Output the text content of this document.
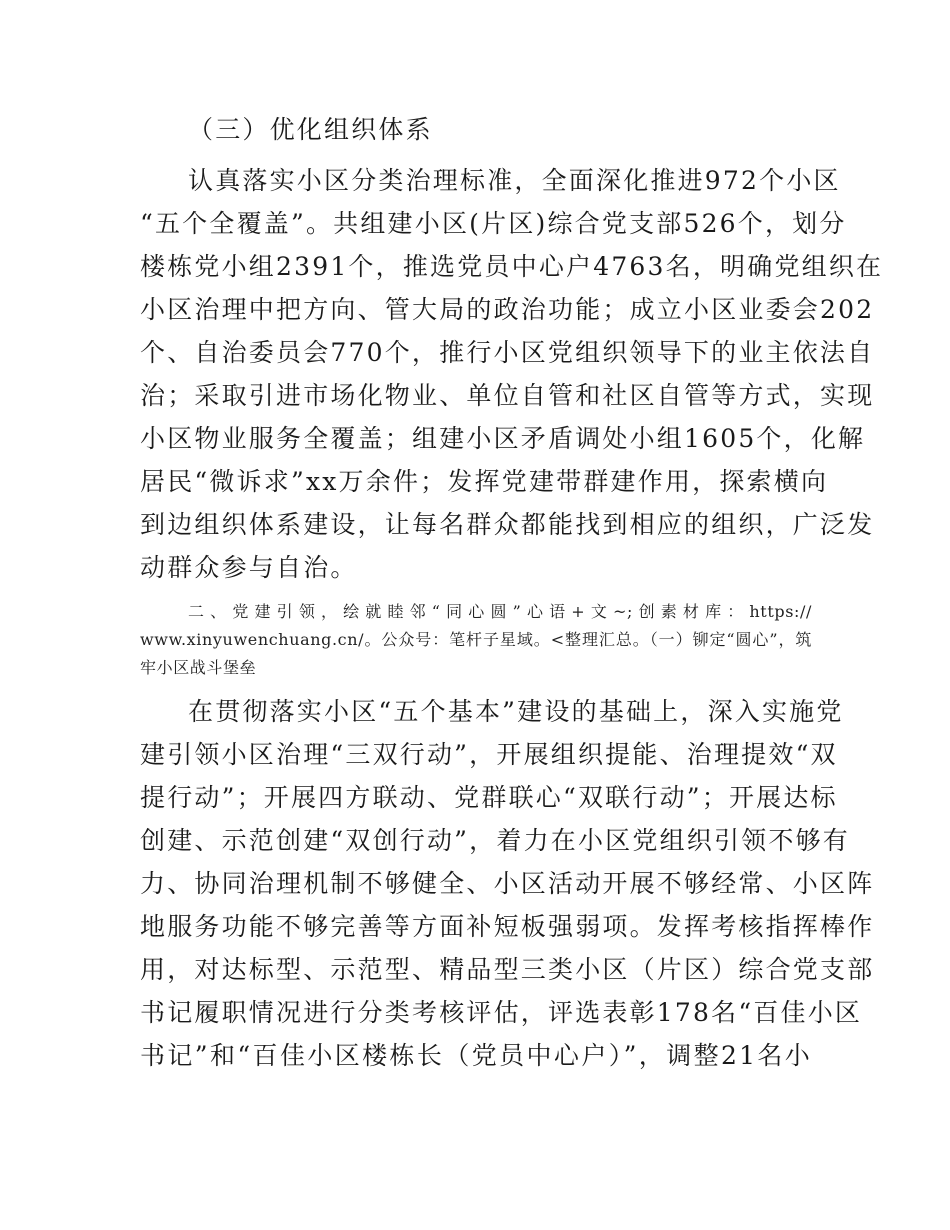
（三）优化组织体系
认真落实小区分类治理标准，全面深化推进972个小区
“五个全覆盖”。共组建小区(片区)综合党支部526个，划分
楼栋党小组2391个，推选党员中心户4763名，明确党组织在
小区治理中把方向、管大局的政治功能；成立小区业委会202
个、自治委员会770个，推行小区党组织领导下的业主依法自
治；采取引进市场化物业、单位自管和社区自管等方式，实现
小区物业服务全覆盖；组建小区矛盾调处小组1605个，化解
居民“微诉求”xx万余件；发挥党建带群建作用，探索横向
到边组织体系建设，让每名群众都能找到相应的组织，广泛发
动群众参与自治。
二、党建引领，绘就睦邻“同心圆”心语+文~;创素材库：https://
www.xinyuwenchuang.cn/。公众号：笔杆子星域。<整理汇总。（一）铆定“圆心”，筑
牢小区战斗堡垒
在贯彻落实小区“五个基本”建设的基础上，深入实施党
建引领小区治理“三双行动”，开展组织提能、治理提效“双
提行动”；开展四方联动、党群联心“双联行动”；开展达标
创建、示范创建“双创行动”，着力在小区党组织引领不够有
力、协同治理机制不够健全、小区活动开展不够经常、小区阵
地服务功能不够完善等方面补短板强弱项。发挥考核指挥棒作
用，对达标型、示范型、精品型三类小区（片区）综合党支部
书记履职情况进行分类考核评估，评选表彰178名“百佳小区
书记”和“百佳小区楼栋长（党员中心户）”，调整21名小
